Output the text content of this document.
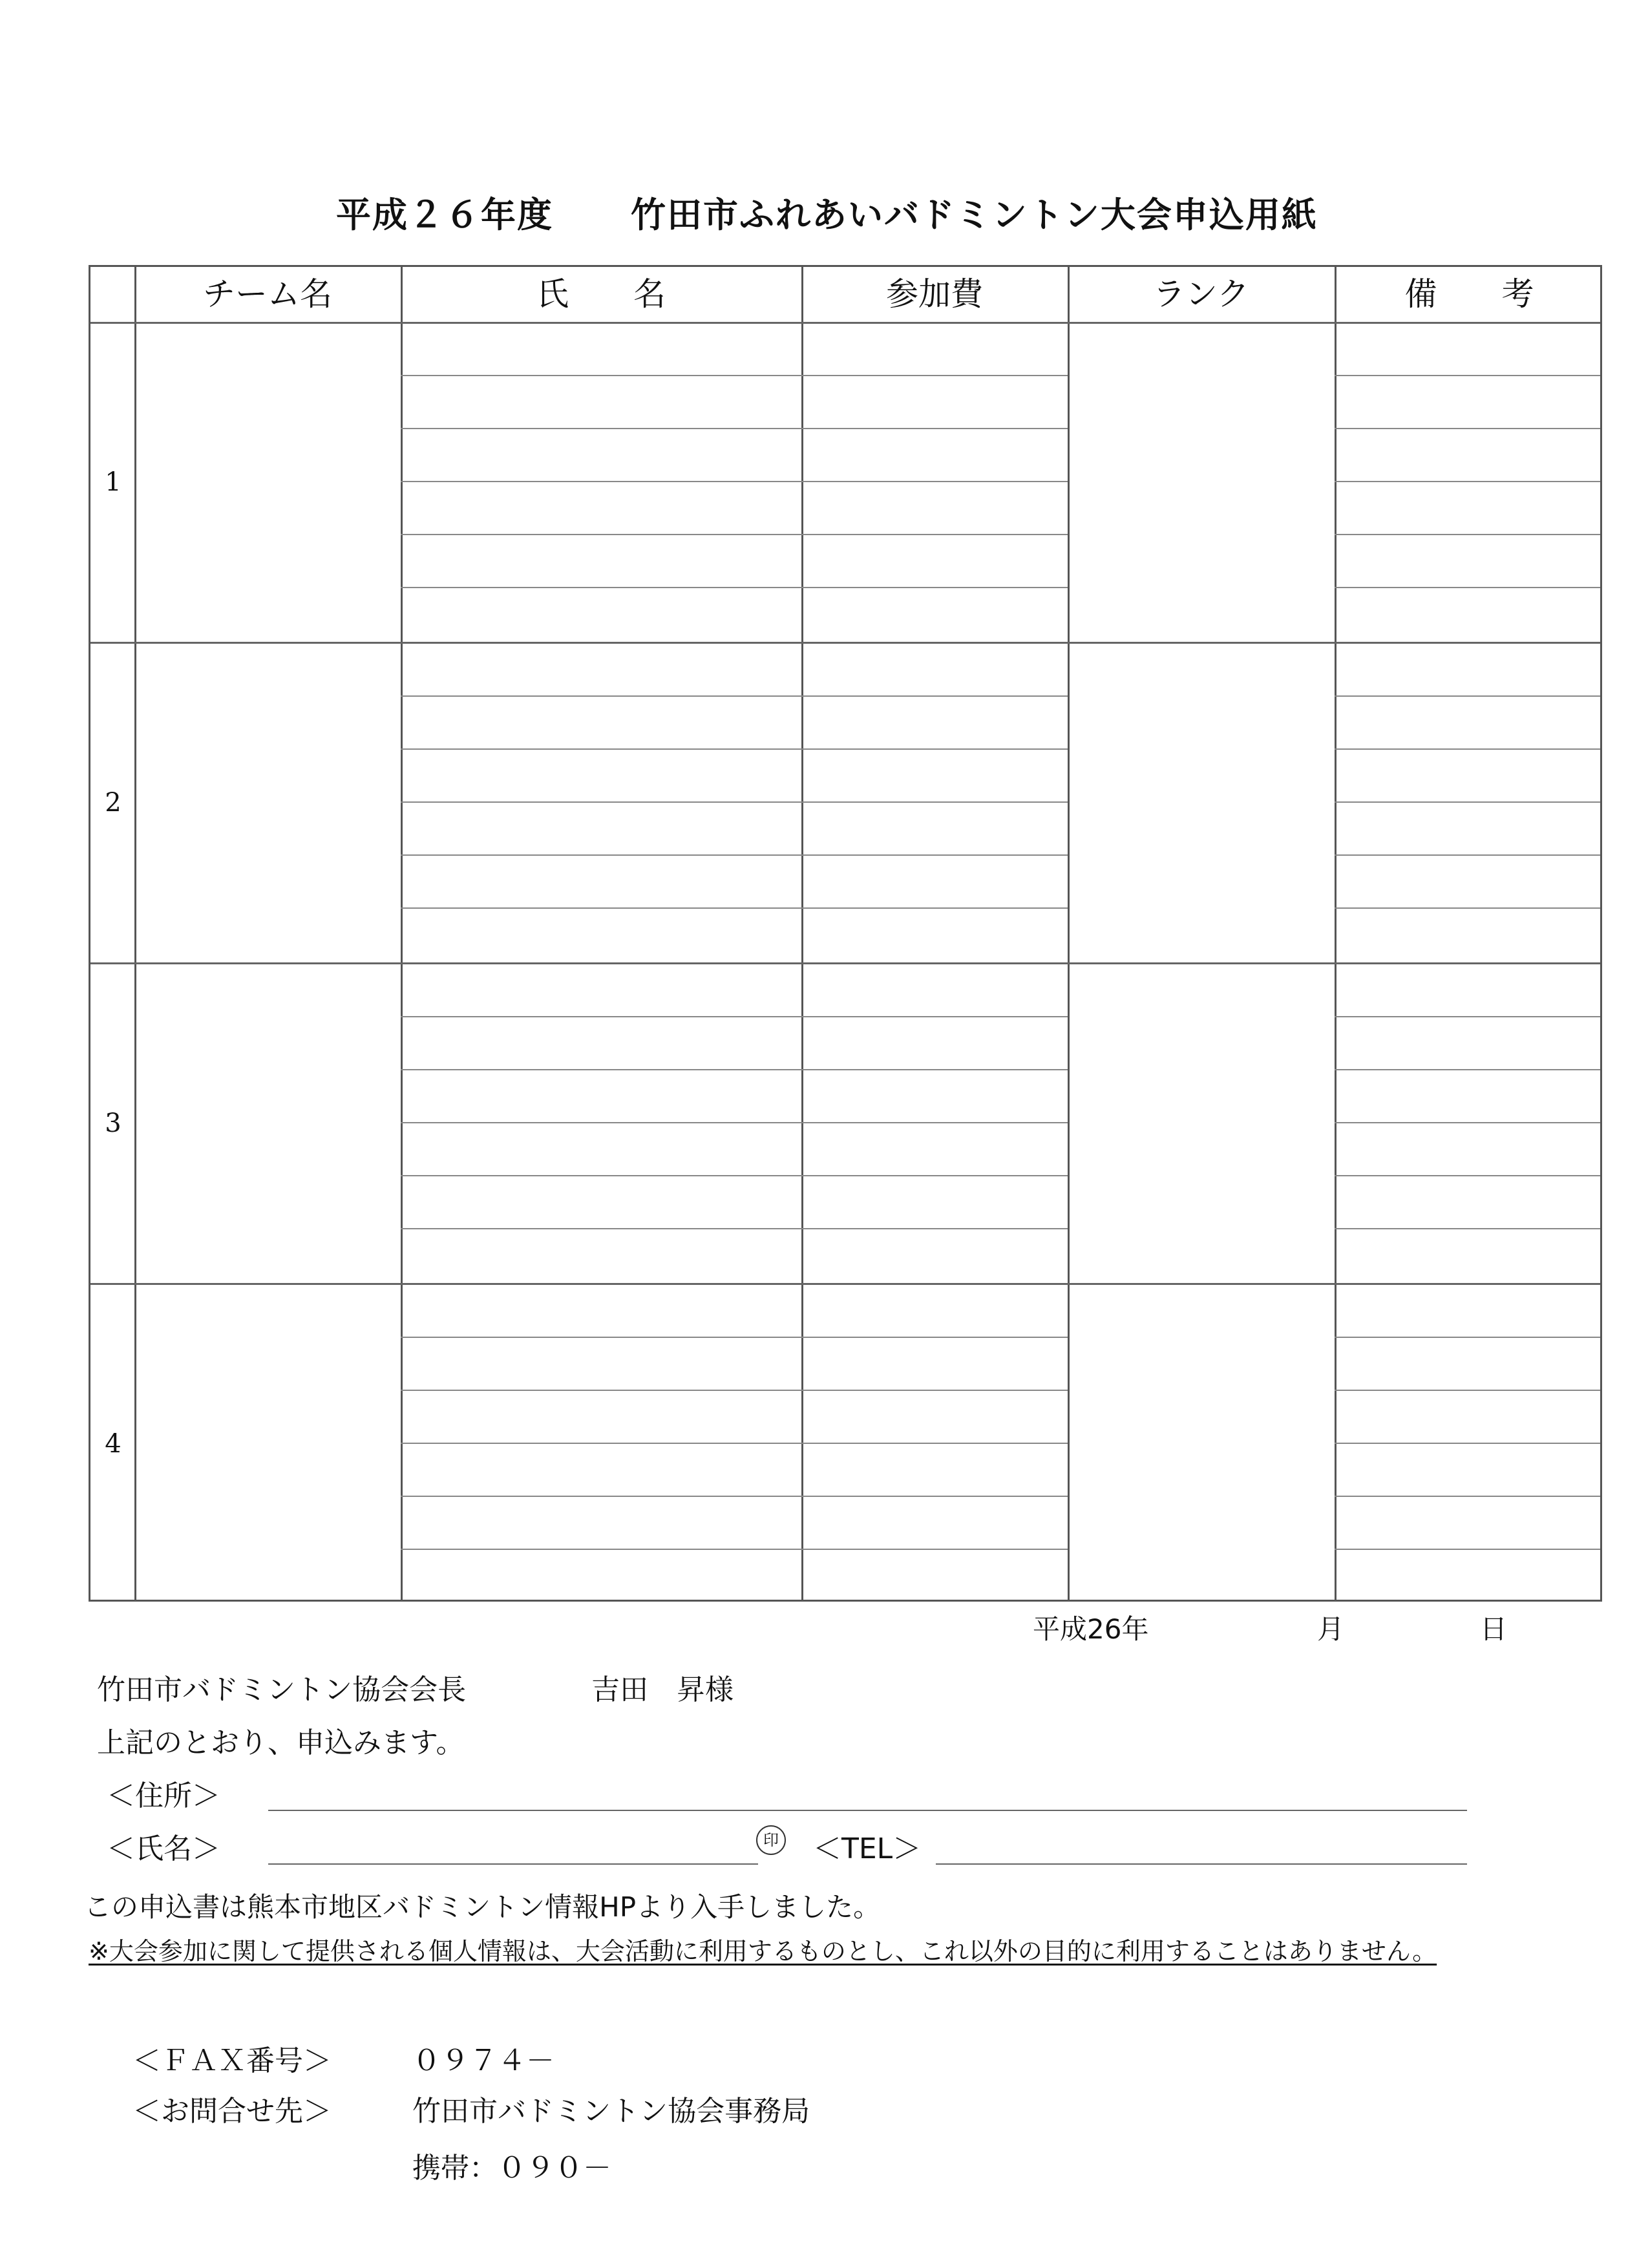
平成２６年度 竹田市ふれあいバドミントン大会申込用紙
チーム名	氏　　名	参加費	ランク	備　　考
1
2
3
4
平成26年	月	日
竹田市バドミントン協会会長	吉田　昇様
上記のとおり、申込みます。
＜住所＞
＜氏名＞	印 ＜TEL＞
この申込書は熊本市地区バドミントン情報HPより入手しました。
※大会参加に関して提供される個人情報は、大会活動に利用するものとし、これ以外の目的に利用することはありません。
＜ＦＡＸ番号＞	０９７４－
＜お問合せ先＞	竹田市バドミントン協会事務局
携帯：０９０－
